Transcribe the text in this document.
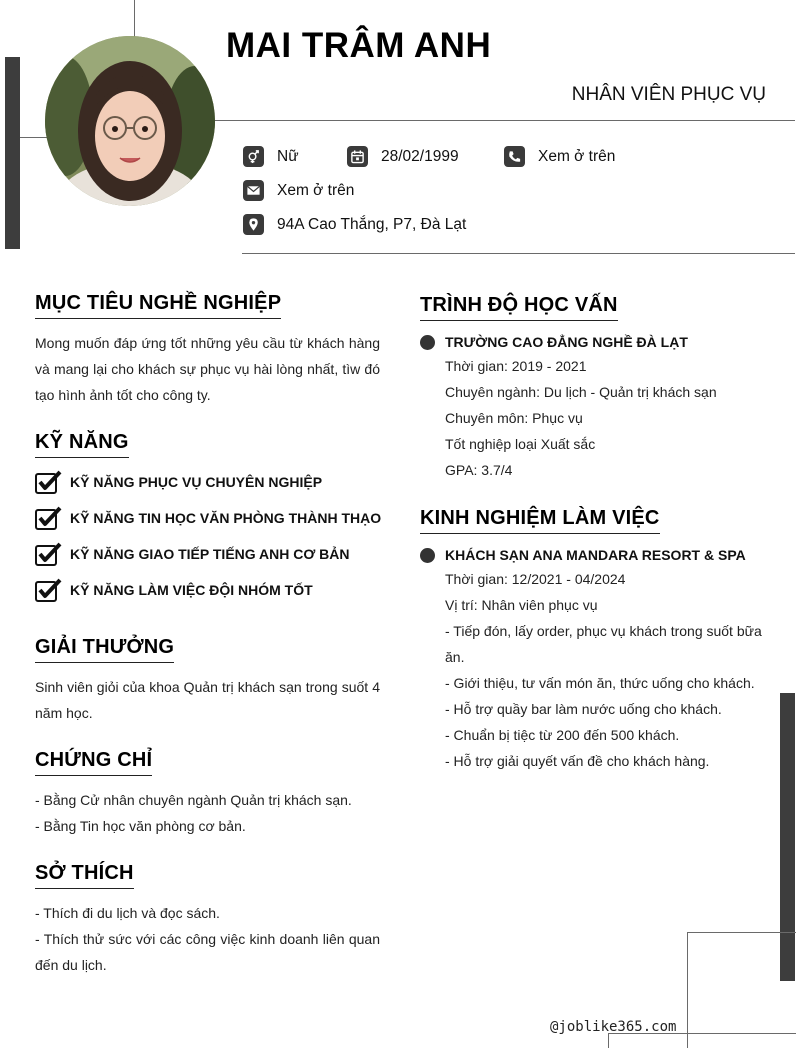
MAI TRÂM ANH
NHÂN VIÊN PHỤC VỤ
Nữ	28/02/1999	Xem ở trên
Xem ở trên
94A Cao Thắng, P7, Đà Lạt
MỤC TIÊU NGHỀ NGHIỆP
Mong muốn đáp ứng tốt những yêu cầu từ khách hàng và mang lại cho khách sự phục vụ hài lòng nhất, tìw đó tạo hình ảnh tốt cho công ty.
KỸ NĂNG
KỸ NĂNG PHỤC VỤ CHUYÊN NGHIỆP
KỸ NĂNG TIN HỌC VĂN PHÒNG THÀNH THẠO
KỸ NĂNG GIAO TIẾP TIẾNG ANH CƠ BẢN
KỸ NĂNG LÀM VIỆC ĐỘI NHÓM TỐT
GIẢI THƯỞNG
Sinh viên giỏi của khoa Quản trị khách sạn trong suốt 4 năm học.
CHỨNG CHỈ
- Bằng Cử nhân chuyên ngành Quản trị khách sạn.
- Bằng Tin học văn phòng cơ bản.
SỞ THÍCH
- Thích đi du lịch và đọc sách.
- Thích thử sức với các công việc kinh doanh liên quan đến du lịch.
TRÌNH ĐỘ HỌC VẤN
TRƯỜNG CAO ĐẲNG NGHỀ ĐÀ LẠT
Thời gian: 2019 - 2021
Chuyên ngành: Du lịch - Quản trị khách sạn
Chuyên môn: Phục vụ
Tốt nghiệp loại Xuất sắc
GPA: 3.7/4
KINH NGHIỆM LÀM VIỆC
KHÁCH SẠN ANA MANDARA RESORT & SPA
Thời gian: 12/2021 - 04/2024
Vị trí: Nhân viên phục vụ
- Tiếp đón, lấy order, phục vụ khách trong suốt bữa ăn.
- Giới thiệu, tư vấn món ăn, thức uống cho khách.
- Hỗ trợ quầy bar làm nước uống cho khách.
- Chuẩn bị tiệc từ 200 đến 500 khách.
- Hỗ trợ giải quyết vấn đề cho khách hàng.
@joblike365.com
